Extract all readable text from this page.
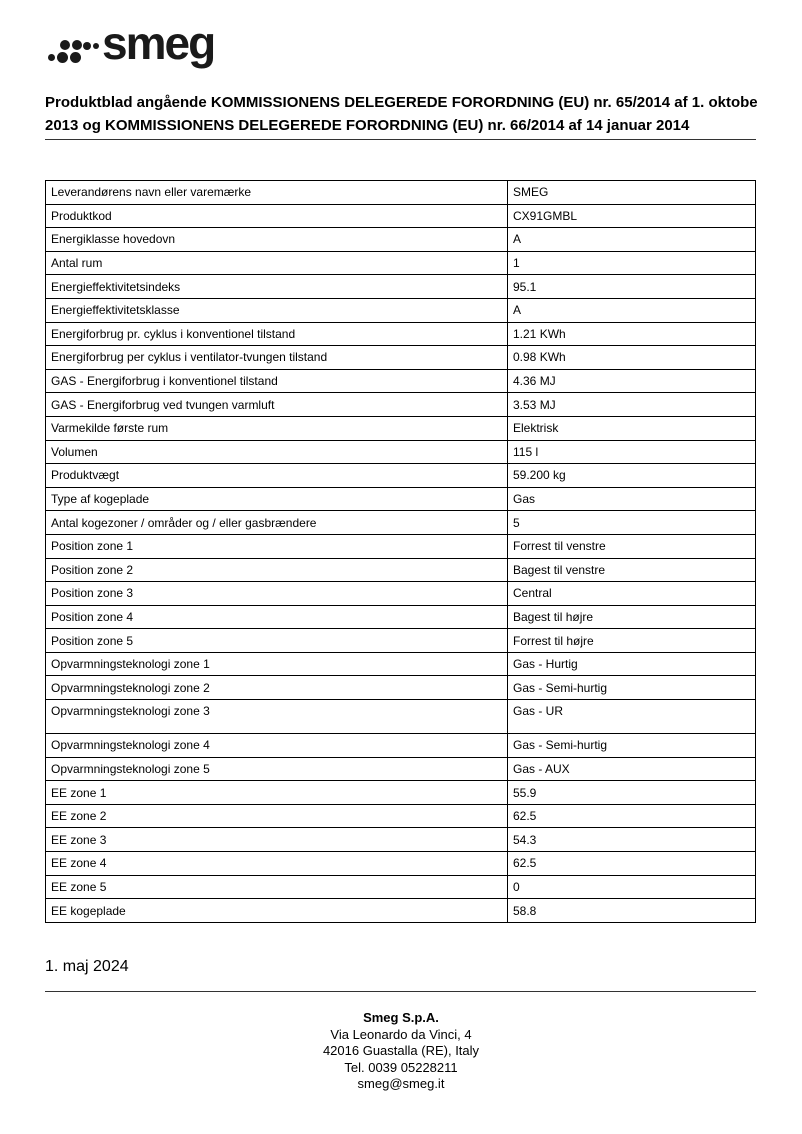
smeg
Produktblad angående KOMMISSIONENS DELEGEREDE FORORDNING (EU) nr. 65/2014 af 1. oktobe
2013 og KOMMISSIONENS DELEGEREDE FORORDNING (EU) nr. 66/2014 af 14 januar 2014
Leverandørens navn eller varemærke	SMEG
Produktkod	CX91GMBL
Energiklasse hovedovn	A
Antal rum	1
Energieffektivitetsindeks	95.1
Energieffektivitetsklasse	A
Energiforbrug pr. cyklus i konventionel tilstand	1.21 KWh
Energiforbrug per cyklus i ventilator-tvungen tilstand	0.98 KWh
GAS - Energiforbrug i konventionel tilstand	4.36 MJ
GAS - Energiforbrug ved tvungen varmluft	3.53 MJ
Varmekilde første rum	Elektrisk
Volumen	115 l
Produktvægt	59.200 kg
Type af kogeplade	Gas
Antal kogezoner / områder og / eller gasbrændere	5
Position zone 1	Forrest til venstre
Position zone 2	Bagest til venstre
Position zone 3	Central
Position zone 4	Bagest til højre
Position zone 5	Forrest til højre
Opvarmningsteknologi zone 1	Gas - Hurtig
Opvarmningsteknologi zone 2	Gas - Semi-hurtig
Opvarmningsteknologi zone 3	Gas - UR
Opvarmningsteknologi zone 4	Gas - Semi-hurtig
Opvarmningsteknologi zone 5	Gas - AUX
EE zone 1	55.9
EE zone 2	62.5
EE zone 3	54.3
EE zone 4	62.5
EE zone 5	0
EE kogeplade	58.8
1. maj 2024
Smeg S.p.A.
Via Leonardo da Vinci, 4
42016 Guastalla (RE), Italy
Tel. 0039 05228211
smeg@smeg.it
